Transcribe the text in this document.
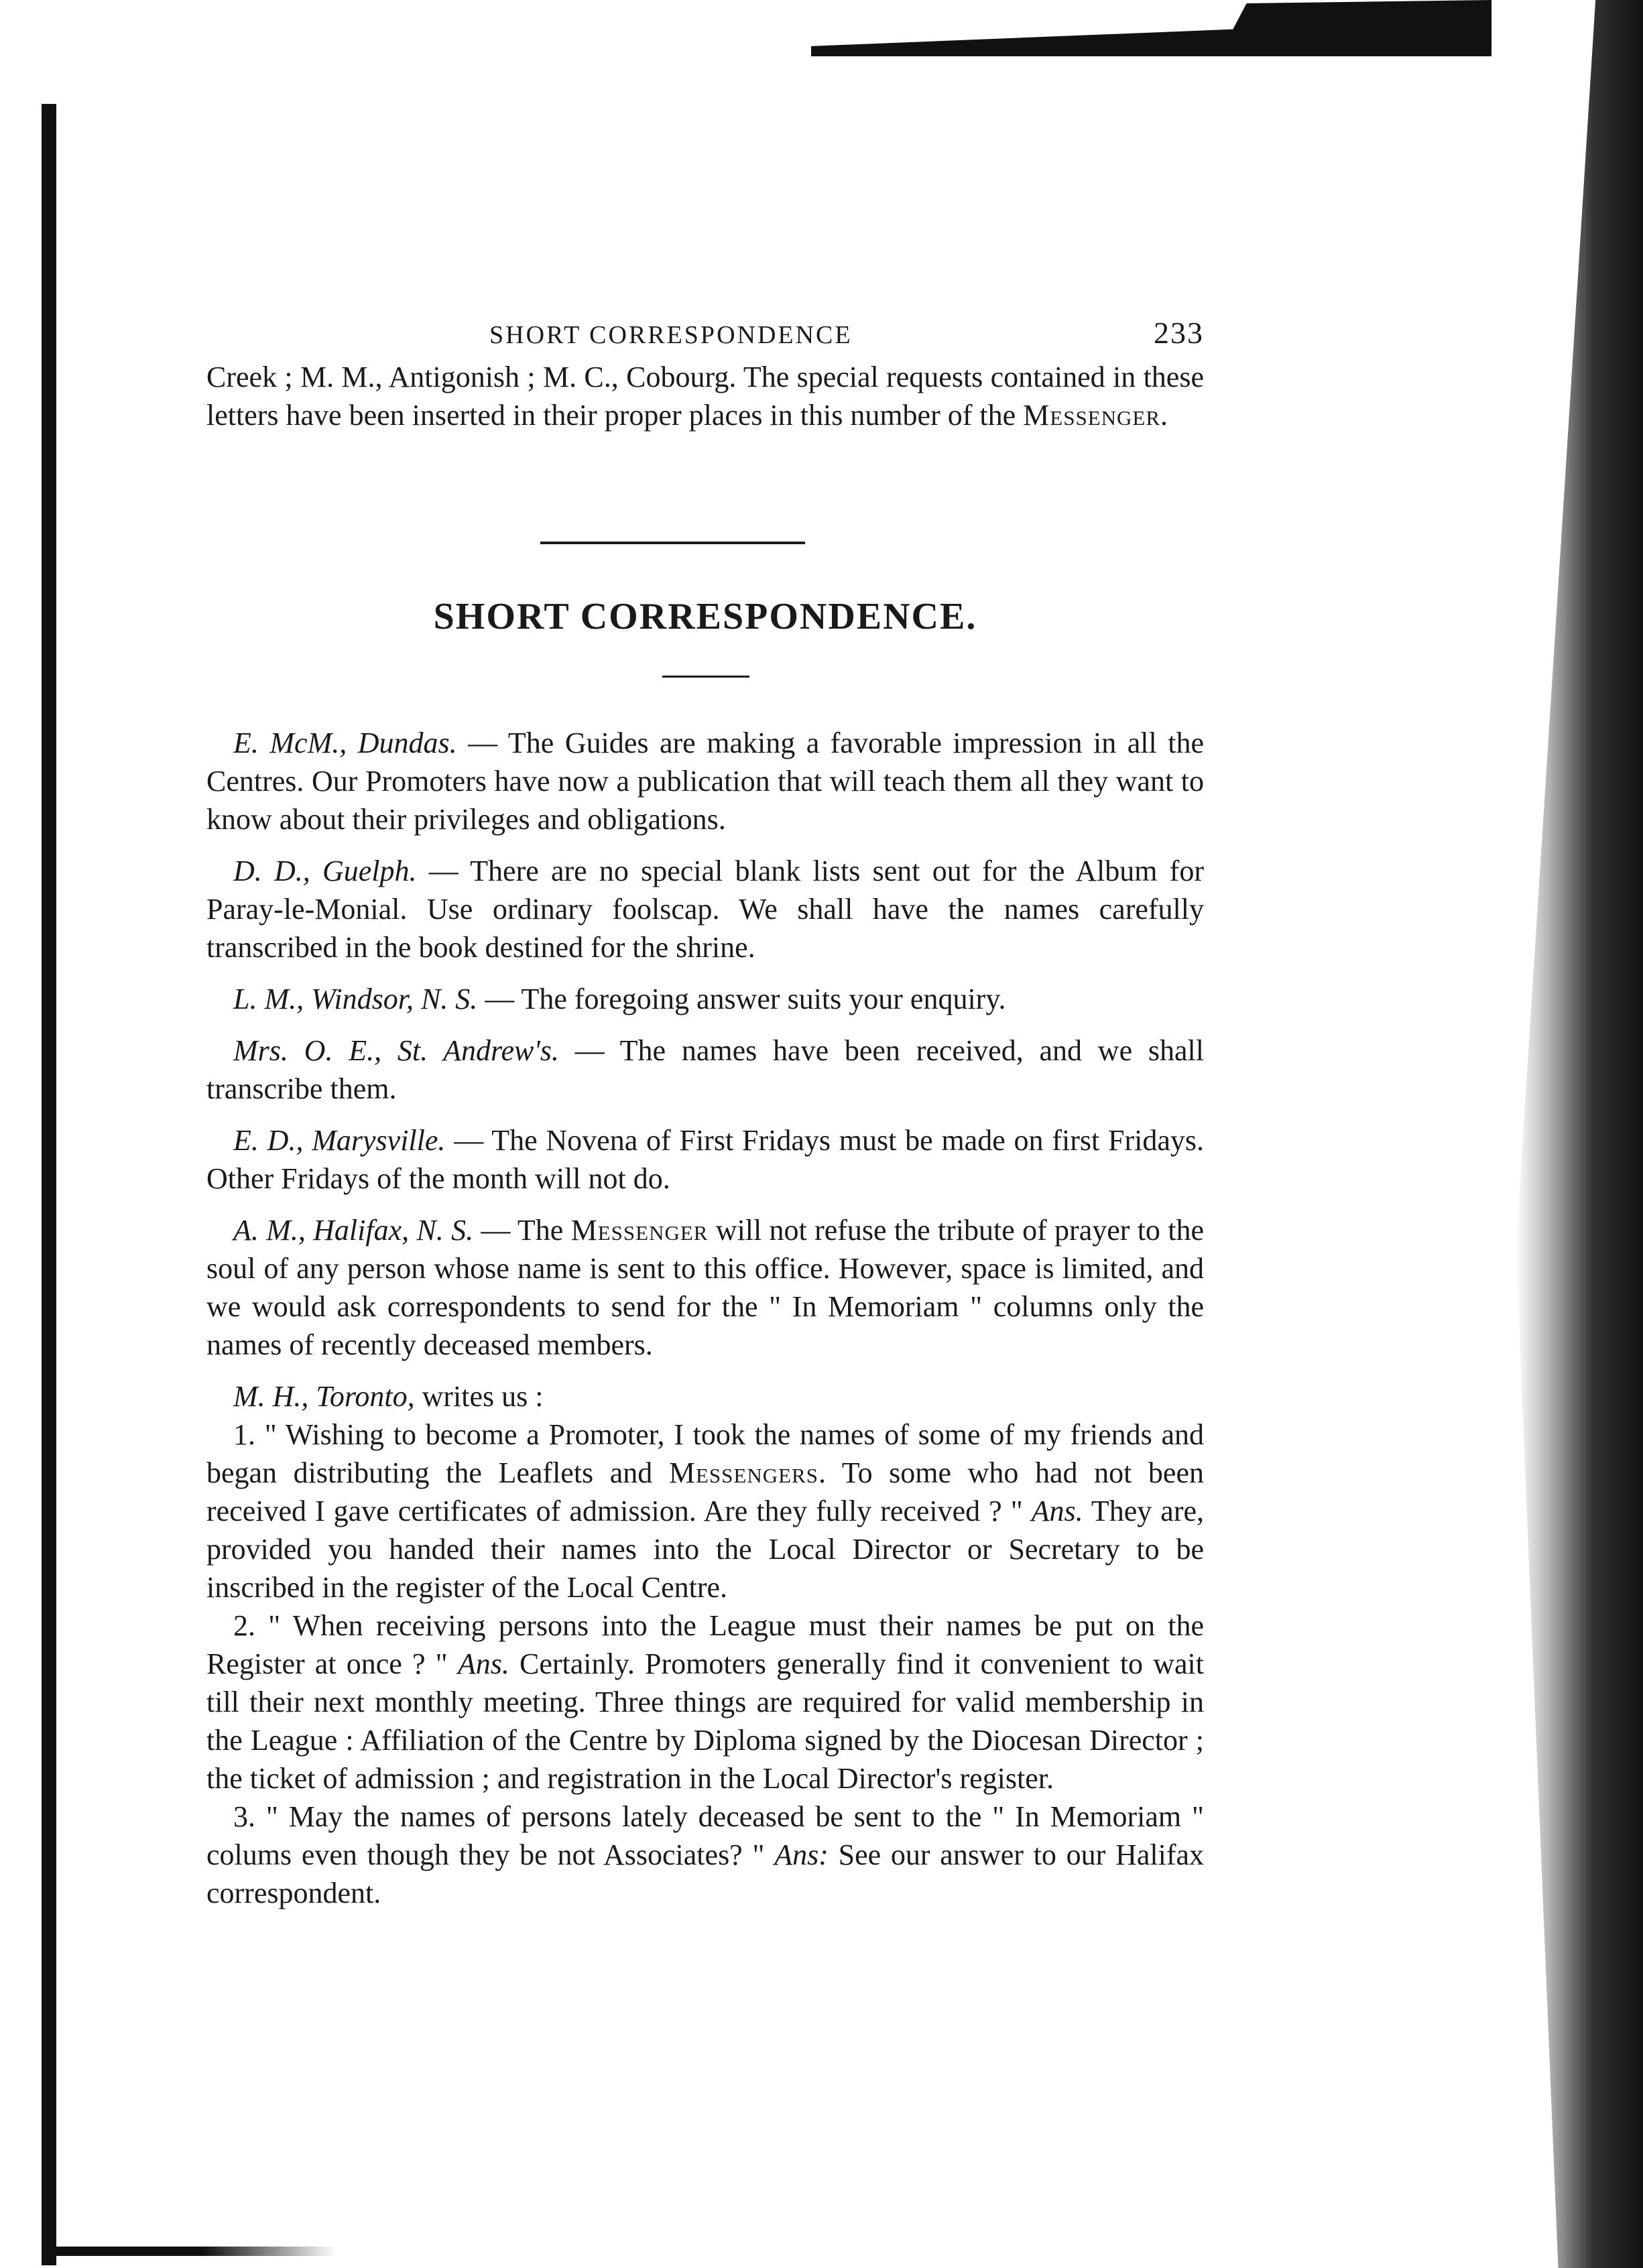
SHORT CORRESPONDENCE	233

Creek ; M. M., Antigonish ; M. C., Cobourg. The special requests contained in these letters have been inserted in their proper places in this number of the Messenger.

SHORT CORRESPONDENCE.

E. McM., Dundas. — The Guides are making a favorable impression in all the Centres. Our Promoters have now a publication that will teach them all they want to know about their privileges and obligations.

D. D., Guelph. — There are no special blank lists sent out for the Album for Paray-le-Monial. Use ordinary foolscap. We shall have the names carefully transcribed in the book destined for the shrine.

L. M., Windsor, N. S. — The foregoing answer suits your enquiry.

Mrs. O. E., St. Andrew's. — The names have been received, and we shall transcribe them.

E. D., Marysville. — The Novena of First Fridays must be made on first Fridays. Other Fridays of the month will not do.

A. M., Halifax, N. S. — The Messenger will not refuse the tribute of prayer to the soul of any person whose name is sent to this office. However, space is limited, and we would ask correspondents to send for the " In Memoriam " columns only the names of recently deceased members.

M. H., Toronto, writes us :

1. " Wishing to become a Promoter, I took the names of some of my friends and began distributing the Leaflets and Messengers. To some who had not been received I gave certificates of admission. Are they fully received ? " Ans. They are, provided you handed their names into the Local Director or Secretary to be inscribed in the register of the Local Centre.

2. " When receiving persons into the League must their names be put on the Register at once ? " Ans. Certainly. Promoters generally find it convenient to wait till their next monthly meeting. Three things are required for valid membership in the League : Affiliation of the Centre by Diploma signed by the Diocesan Director ; the ticket of admission ; and registration in the Local Director's register.

3. " May the names of persons lately deceased be sent to the " In Memoriam " colums even though they be not Associates? " Ans: See our answer to our Halifax correspondent.
